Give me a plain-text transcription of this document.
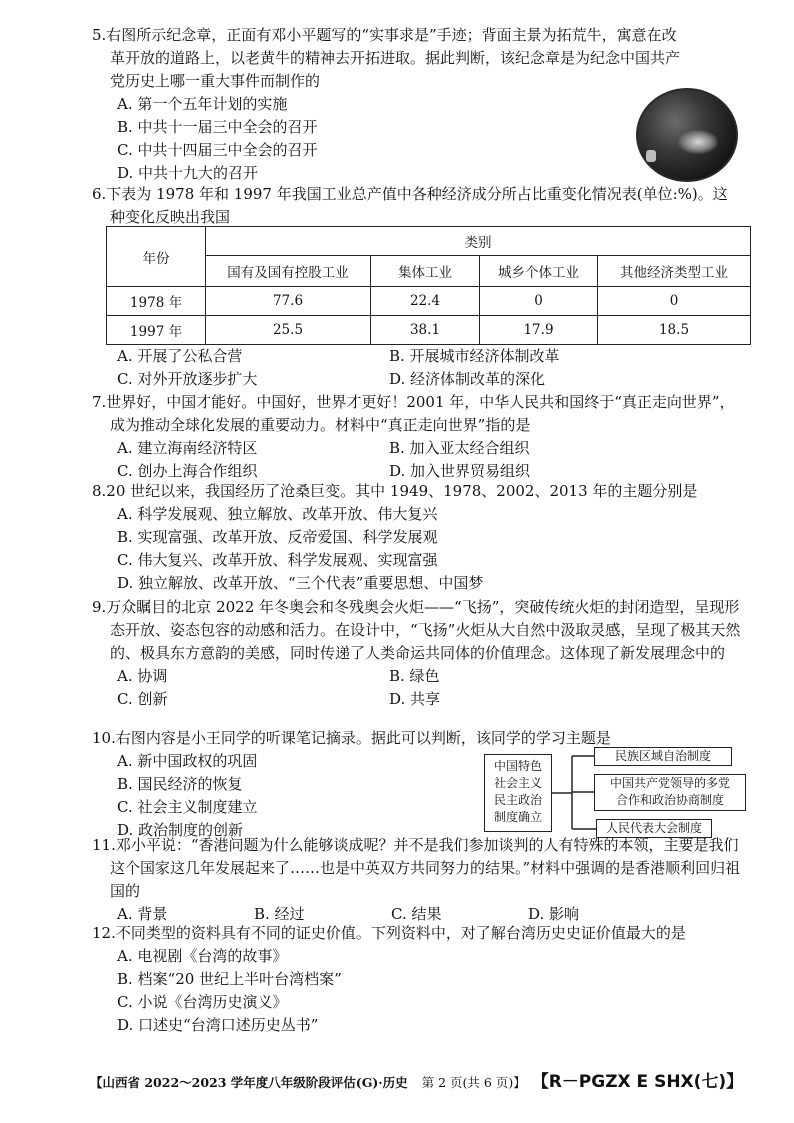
5.右图所示纪念章，正面有邓小平题写的“实事求是”手迹；背面主景为拓荒牛，寓意在改革开放的道路上，以老黄牛的精神去开拓进取。据此判断，该纪念章是为纪念中国共产党历史上哪一重大事件而制作的

A. 第一个五年计划的实施

B. 中共十一届三中全会的召开

C. 中共十四届三中全会的召开

D. 中共十九大的召开

6.下表为 1978 年和 1997 年我国工业总产值中各种经济成分所占比重变化情况表(单位:%)。这种变化反映出我国

年份	类别			
	国有及国有控股工业	集体工业	城乡个体工业	其他经济类型工业
1978 年	77.6	22.4	0	0
1997 年	25.5	38.1	17.9	18.5
A. 开展了公私合营	B. 开展城市经济体制改革
C. 对外开放逐步扩大	D. 经济体制改革的深化

7.世界好，中国才能好。中国好，世界才更好！2001 年，中华人民共和国终于“真正走向世界”，成为推动全球化发展的重要动力。材料中“真正走向世界”指的是

A. 建立海南经济特区	B. 加入亚太经合组织
C. 创办上海合作组织	D. 加入世界贸易组织

8.20 世纪以来，我国经历了沧桑巨变。其中 1949、1978、2002、2013 年的主题分别是

A. 科学发展观、独立解放、改革开放、伟大复兴

B. 实现富强、改革开放、反帝爱国、科学发展观

C. 伟大复兴、改革开放、科学发展观、实现富强

D. 独立解放、改革开放、“三个代表”重要思想、中国梦

9.万众瞩目的北京 2022 年冬奥会和冬残奥会火炬——“飞扬”，突破传统火炬的封闭造型，呈现形态开放、姿态包容的动感和活力。在设计中，“飞扬”火炬从大自然中汲取灵感，呈现了极其天然的、极具东方意韵的美感，同时传递了人类命运共同体的价值理念。这体现了新发展理念中的

A. 协调	B. 绿色
C. 创新	D. 共享

10.右图内容是小王同学的听课笔记摘录。据此可以判断，该同学的学习主题是

A. 新中国政权的巩固

B. 国民经济的恢复

C. 社会主义制度建立

D. 政治制度的创新

中国特色
社会主义
民主政治
制度确立
民族区域自治制度
中国共产党领导的多党
合作和政治协商制度
人民代表大会制度

11.邓小平说：“香港问题为什么能够谈成呢？并不是我们参加谈判的人有特殊的本领，主要是我们这个国家这几年发展起来了……也是中英双方共同努力的结果。”材料中强调的是香港顺利回归祖国的

A. 背景	B. 经过	C. 结果	D. 影响

12.不同类型的资料具有不同的证史价值。下列资料中，对了解台湾历史史证价值最大的是

A. 电视剧《台湾的故事》

B. 档案“20 世纪上半叶台湾档案”

C. 小说《台湾历史演义》

D. 口述史“台湾口述历史丛书”

【山西省 2022～2023 学年度八年级阶段评估(G)·历史 第 2 页(共 6 页)】 【R－PGZX E SHX(七)】
